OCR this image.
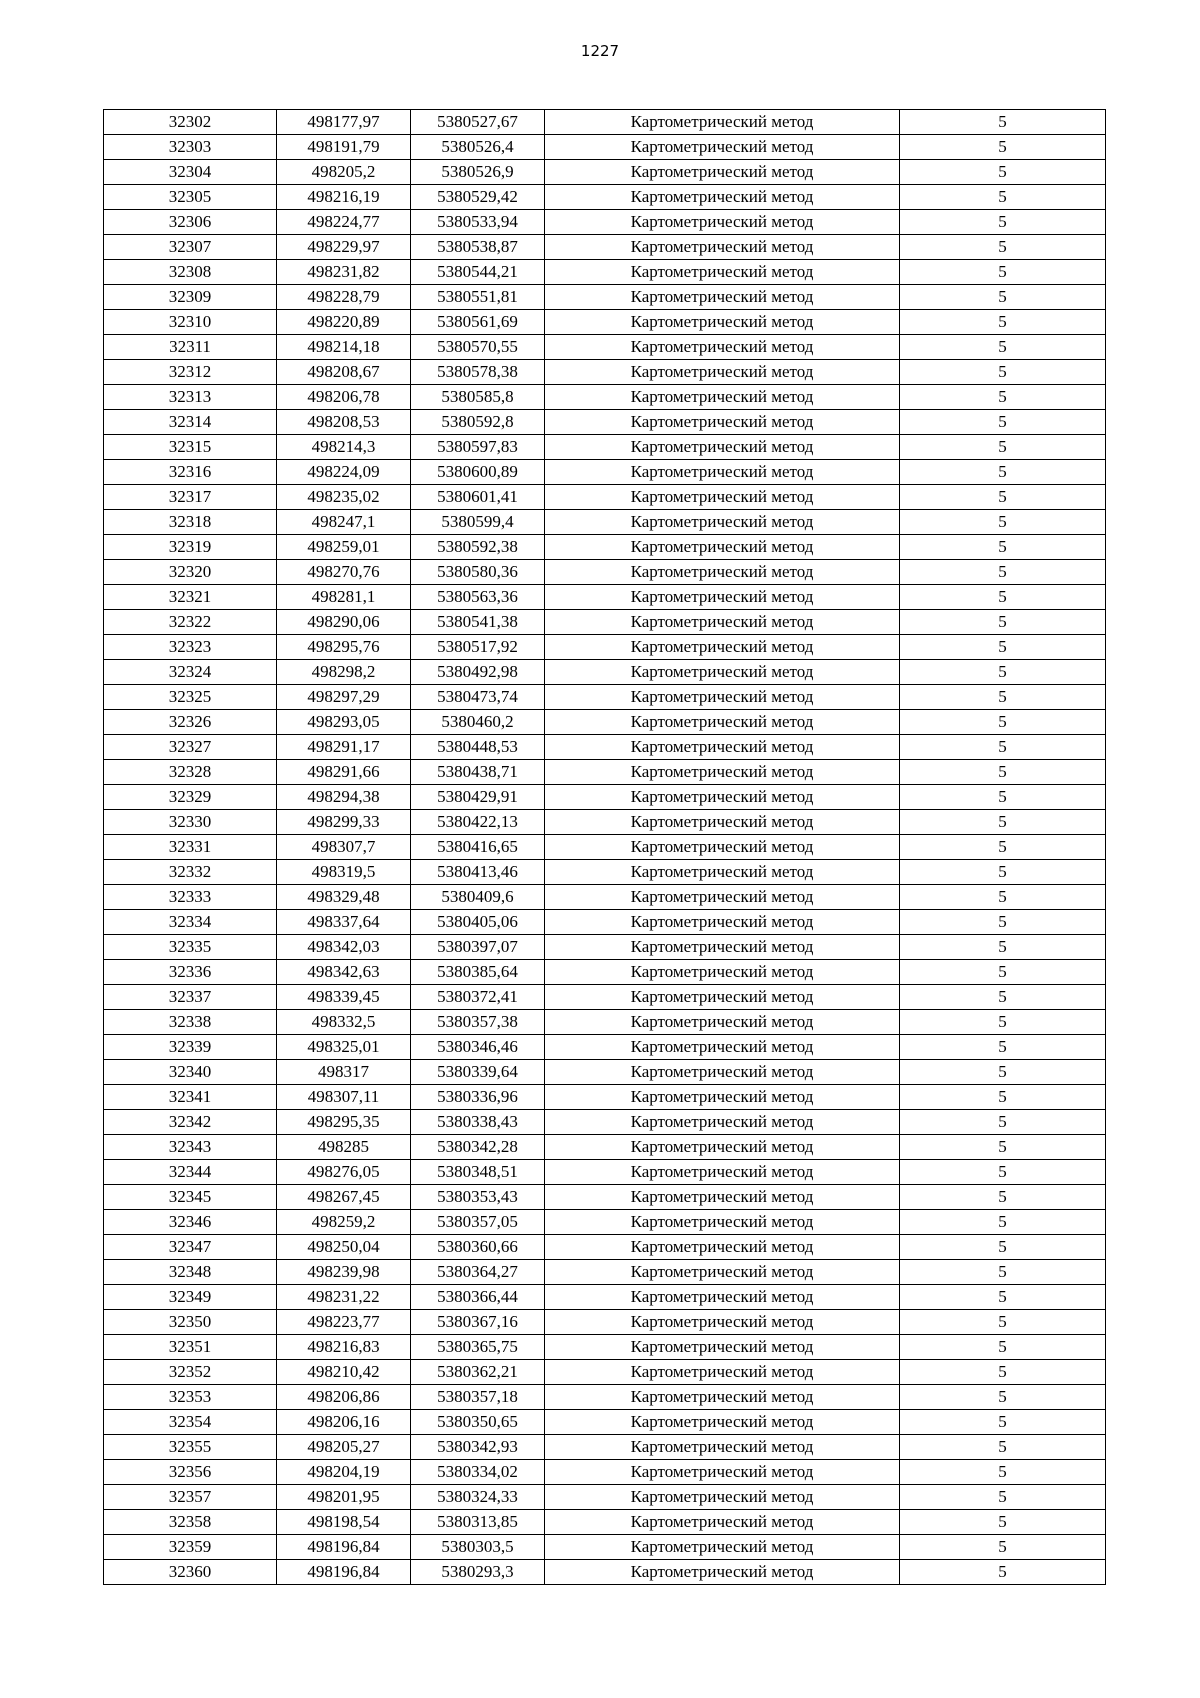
1227
32302	498177,97	5380527,67	Картометрический метод	5
32303	498191,79	5380526,4	Картометрический метод	5
32304	498205,2	5380526,9	Картометрический метод	5
32305	498216,19	5380529,42	Картометрический метод	5
32306	498224,77	5380533,94	Картометрический метод	5
32307	498229,97	5380538,87	Картометрический метод	5
32308	498231,82	5380544,21	Картометрический метод	5
32309	498228,79	5380551,81	Картометрический метод	5
32310	498220,89	5380561,69	Картометрический метод	5
32311	498214,18	5380570,55	Картометрический метод	5
32312	498208,67	5380578,38	Картометрический метод	5
32313	498206,78	5380585,8	Картометрический метод	5
32314	498208,53	5380592,8	Картометрический метод	5
32315	498214,3	5380597,83	Картометрический метод	5
32316	498224,09	5380600,89	Картометрический метод	5
32317	498235,02	5380601,41	Картометрический метод	5
32318	498247,1	5380599,4	Картометрический метод	5
32319	498259,01	5380592,38	Картометрический метод	5
32320	498270,76	5380580,36	Картометрический метод	5
32321	498281,1	5380563,36	Картометрический метод	5
32322	498290,06	5380541,38	Картометрический метод	5
32323	498295,76	5380517,92	Картометрический метод	5
32324	498298,2	5380492,98	Картометрический метод	5
32325	498297,29	5380473,74	Картометрический метод	5
32326	498293,05	5380460,2	Картометрический метод	5
32327	498291,17	5380448,53	Картометрический метод	5
32328	498291,66	5380438,71	Картометрический метод	5
32329	498294,38	5380429,91	Картометрический метод	5
32330	498299,33	5380422,13	Картометрический метод	5
32331	498307,7	5380416,65	Картометрический метод	5
32332	498319,5	5380413,46	Картометрический метод	5
32333	498329,48	5380409,6	Картометрический метод	5
32334	498337,64	5380405,06	Картометрический метод	5
32335	498342,03	5380397,07	Картометрический метод	5
32336	498342,63	5380385,64	Картометрический метод	5
32337	498339,45	5380372,41	Картометрический метод	5
32338	498332,5	5380357,38	Картометрический метод	5
32339	498325,01	5380346,46	Картометрический метод	5
32340	498317	5380339,64	Картометрический метод	5
32341	498307,11	5380336,96	Картометрический метод	5
32342	498295,35	5380338,43	Картометрический метод	5
32343	498285	5380342,28	Картометрический метод	5
32344	498276,05	5380348,51	Картометрический метод	5
32345	498267,45	5380353,43	Картометрический метод	5
32346	498259,2	5380357,05	Картометрический метод	5
32347	498250,04	5380360,66	Картометрический метод	5
32348	498239,98	5380364,27	Картометрический метод	5
32349	498231,22	5380366,44	Картометрический метод	5
32350	498223,77	5380367,16	Картометрический метод	5
32351	498216,83	5380365,75	Картометрический метод	5
32352	498210,42	5380362,21	Картометрический метод	5
32353	498206,86	5380357,18	Картометрический метод	5
32354	498206,16	5380350,65	Картометрический метод	5
32355	498205,27	5380342,93	Картометрический метод	5
32356	498204,19	5380334,02	Картометрический метод	5
32357	498201,95	5380324,33	Картометрический метод	5
32358	498198,54	5380313,85	Картометрический метод	5
32359	498196,84	5380303,5	Картометрический метод	5
32360	498196,84	5380293,3	Картометрический метод	5
